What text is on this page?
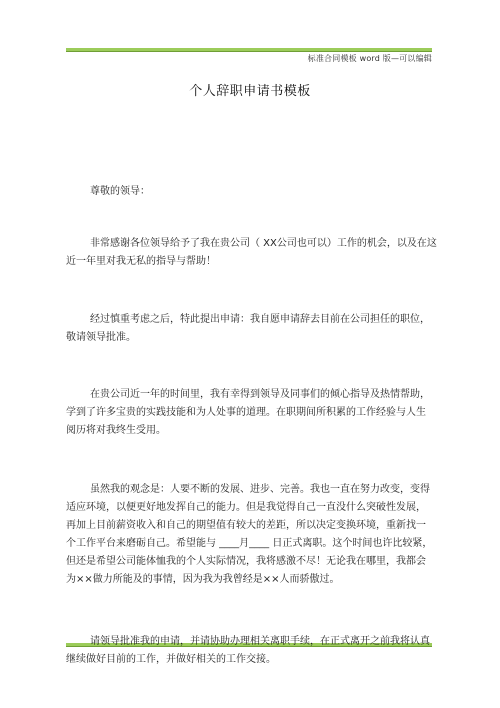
标准合同模板 word 版—可以编辑
个人辞职申请书模板
尊敬的领导：

非常感谢各位领导给予了我在贵公司（ XX公司也可以）工作的机会，以及在这
近一年里对我无私的指导与帮助！

经过慎重考虑之后，特此提出申请：我自愿申请辞去目前在公司担任的职位，
敬请领导批准。

在贵公司近一年的时间里，我有幸得到领导及同事们的倾心指导及热情帮助，
学到了许多宝贵的实践技能和为人处事的道理。在职期间所积累的工作经验与人生
阅历将对我终生受用。

虽然我的观念是：人要不断的发展、进步、完善。我也一直在努力改变，变得
适应环境，以便更好地发挥自己的能力。但是我觉得自己一直没什么突破性发展，
再加上目前薪资收入和自己的期望值有较大的差距，所以决定变换环境，重新找一
个工作平台来磨砺自己。希望能与 ____月____ 日正式离职。这个时间也许比较紧，
但还是希望公司能体恤我的个人实际情况，我将感激不尽！无论我在哪里，我都会
为××做力所能及的事情，因为我为我曾经是××人而骄傲过。

请领导批准我的申请，并请协助办理相关离职手续，在正式离开之前我将认真
继续做好目前的工作，并做好相关的工作交接。
